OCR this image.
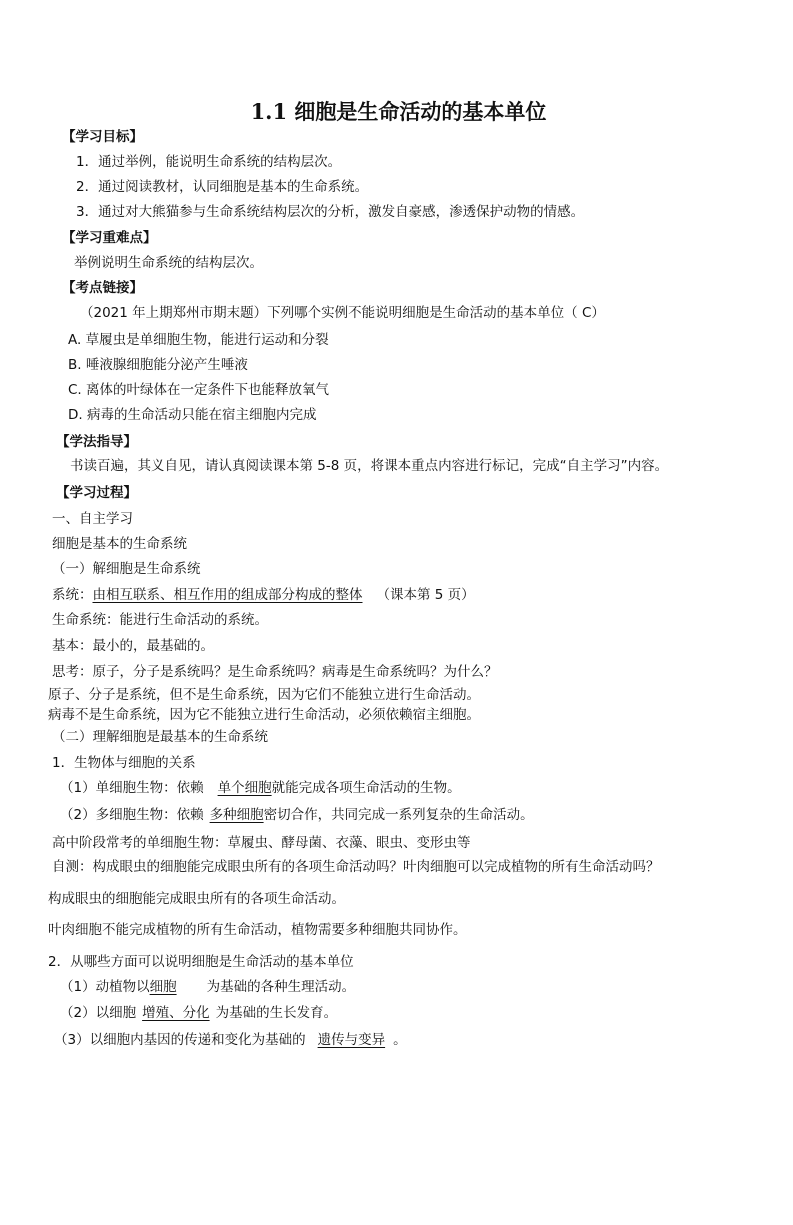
1.1 细胞是生命活动的基本单位
【学习目标】
1．通过举例，能说明生命系统的结构层次。
2．通过阅读教材，认同细胞是基本的生命系统。
3．通过对大熊猫参与生命系统结构层次的分析，激发自豪感，渗透保护动物的情感。
【学习重难点】
举例说明生命系统的结构层次。
【考点链接】
（2021 年上期郑州市期末题）下列哪个实例不能说明细胞是生命活动的基本单位（ C）
A. 草履虫是单细胞生物，能进行运动和分裂
B. 唾液腺细胞能分泌产生唾液
C. 离体的叶绿体在一定条件下也能释放氧气
D. 病毒的生命活动只能在宿主细胞内完成
【学法指导】
书读百遍，其义自见，请认真阅读课本第 5-8 页，将课本重点内容进行标记，完成“自主学习”内容。
【学习过程】
一、自主学习
细胞是基本的生命系统
（一）解细胞是生命系统
系统：由相互联系、相互作用的组成部分构成的整体 （课本第 5 页）
生命系统：能进行生命活动的系统。
基本：最小的，最基础的。
思考：原子，分子是系统吗？是生命系统吗？病毒是生命系统吗？为什么？
原子、分子是系统，但不是生命系统，因为它们不能独立进行生命活动。
病毒不是生命系统，因为它不能独立进行生命活动，必须依赖宿主细胞。
（二）理解细胞是最基本的生命系统
1．生物体与细胞的关系
（1）单细胞生物：依赖 单个细胞就能完成各项生命活动的生物。
（2）多细胞生物：依赖 多种细胞密切合作，共同完成一系列复杂的生命活动。
高中阶段常考的单细胞生物：草履虫、酵母菌、衣藻、眼虫、变形虫等
自测：构成眼虫的细胞能完成眼虫所有的各项生命活动吗？叶肉细胞可以完成植物的所有生命活动吗？
构成眼虫的细胞能完成眼虫所有的各项生命活动。
叶肉细胞不能完成植物的所有生命活动，植物需要多种细胞共同协作。
2．从哪些方面可以说明细胞是生命活动的基本单位
（1）动植物以细胞 为基础的各种生理活动。
（2）以细胞 增殖、分化 为基础的生长发育。
（3）以细胞内基因的传递和变化为基础的 遗传与变异 。
